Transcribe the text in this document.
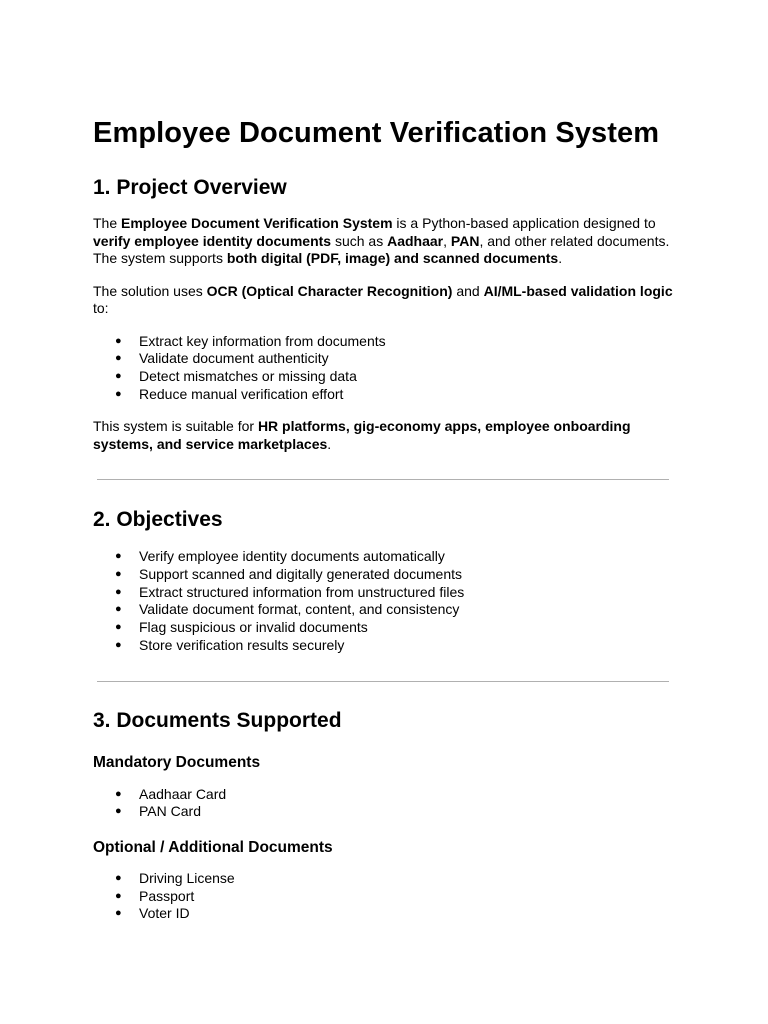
Employee Document Verification System
1. Project Overview

The Employee Document Verification System is a Python-based application designed to verify employee identity documents such as Aadhaar, PAN, and other related documents. The system supports both digital (PDF, image) and scanned documents.

The solution uses OCR (Optical Character Recognition) and AI/ML-based validation logic to:

● Extract key information from documents
● Validate document authenticity
● Detect mismatches or missing data
● Reduce manual verification effort

This system is suitable for HR platforms, gig-economy apps, employee onboarding systems, and service marketplaces.

2. Objectives
● Verify employee identity documents automatically
● Support scanned and digitally generated documents
● Extract structured information from unstructured files
● Validate document format, content, and consistency
● Flag suspicious or invalid documents
● Store verification results securely
3. Documents Supported
Mandatory Documents
● Aadhaar Card
● PAN Card
Optional / Additional Documents
● Driving License
● Passport
● Voter ID
